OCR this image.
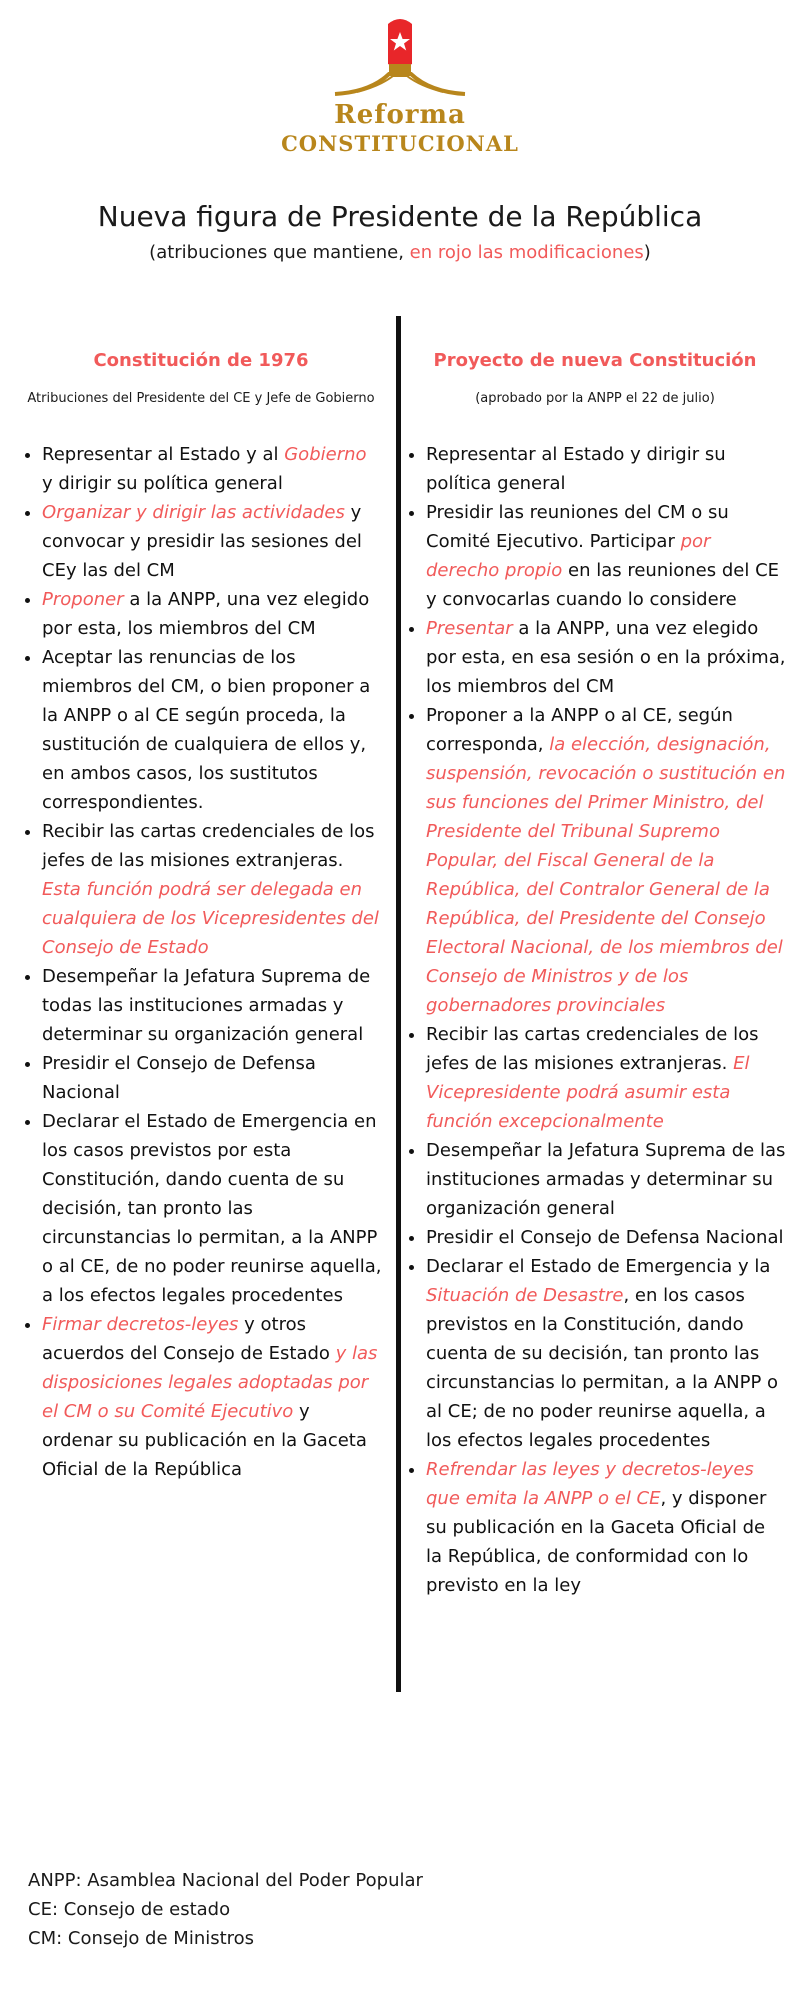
Reforma
CONSTITUCIONAL
Nueva figura de Presidente de la República
(atribuciones que mantiene, en rojo las modificaciones)
Constitución de 1976
Atribuciones del Presidente del CE y Jefe de Gobierno
• Representar al Estado y al Gobierno y dirigir su política general
• Organizar y dirigir las actividades y convocar y presidir las sesiones del CEy las del CM
• Proponer a la ANPP, una vez elegido por esta, los miembros del CM
• Aceptar las renuncias de los miembros del CM, o bien proponer a la ANPP o al CE según proceda, la sustitución de cualquiera de ellos y, en ambos casos, los sustitutos correspondientes.
• Recibir las cartas credenciales de los jefes de las misiones extranjeras. Esta función podrá ser delegada en cualquiera de los Vicepresidentes del Consejo de Estado
• Desempeñar la Jefatura Suprema de todas las instituciones armadas y determinar su organización general
• Presidir el Consejo de Defensa Nacional
• Declarar el Estado de Emergencia en los casos previstos por esta Constitución, dando cuenta de su decisión, tan pronto las circunstancias lo permitan, a la ANPP o al CE, de no poder reunirse aquella, a los efectos legales procedentes
• Firmar decretos-leyes y otros acuerdos del Consejo de Estado y las disposiciones legales adoptadas por el CM o su Comité Ejecutivo y ordenar su publicación en la Gaceta Oficial de la República
Proyecto de nueva Constitución
(aprobado por la ANPP el 22 de julio)
• Representar al Estado y dirigir su política general
• Presidir las reuniones del CM o su Comité Ejecutivo. Participar por derecho propio en las reuniones del CE y convocarlas cuando lo considere
• Presentar a la ANPP, una vez elegido por esta, en esa sesión o en la próxima, los miembros del CM
• Proponer a la ANPP o al CE, según corresponda, la elección, designación, suspensión, revocación o sustitución en sus funciones del Primer Ministro, del Presidente del Tribunal Supremo Popular, del Fiscal General de la República, del Contralor General de la República, del Presidente del Consejo Electoral Nacional, de los miembros del Consejo de Ministros y de los gobernadores provinciales
• Recibir las cartas credenciales de los jefes de las misiones extranjeras. El Vicepresidente podrá asumir esta función excepcionalmente
• Desempeñar la Jefatura Suprema de las instituciones armadas y determinar su organización general
• Presidir el Consejo de Defensa Nacional
• Declarar el Estado de Emergencia y la Situación de Desastre, en los casos previstos en la Constitución, dando cuenta de su decisión, tan pronto las circunstancias lo permitan, a la ANPP o al CE; de no poder reunirse aquella, a los efectos legales procedentes
• Refrendar las leyes y decretos-leyes que emita la ANPP o el CE, y disponer su publicación en la Gaceta Oficial de la República, de conformidad con lo previsto en la ley
ANPP: Asamblea Nacional del Poder Popular
CE: Consejo de estado
CM: Consejo de Ministros
